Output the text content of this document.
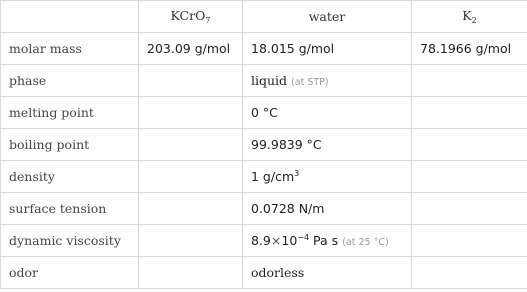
	KCrO$_7$	water	$K_2$
molar mass	203.09 g/mol	18.015 g/mol	78.1966 g/mol
phase		liquid (at STP)	
melting point		0 °C	
boiling point		99.9839 °C	
density		1 $g/cm^3$	
surface tension		0.0728 N/m	
dynamic viscosity		$8.9\times 10^{-4}$ Pa s (at 25 °C)	
odor		odorless	
